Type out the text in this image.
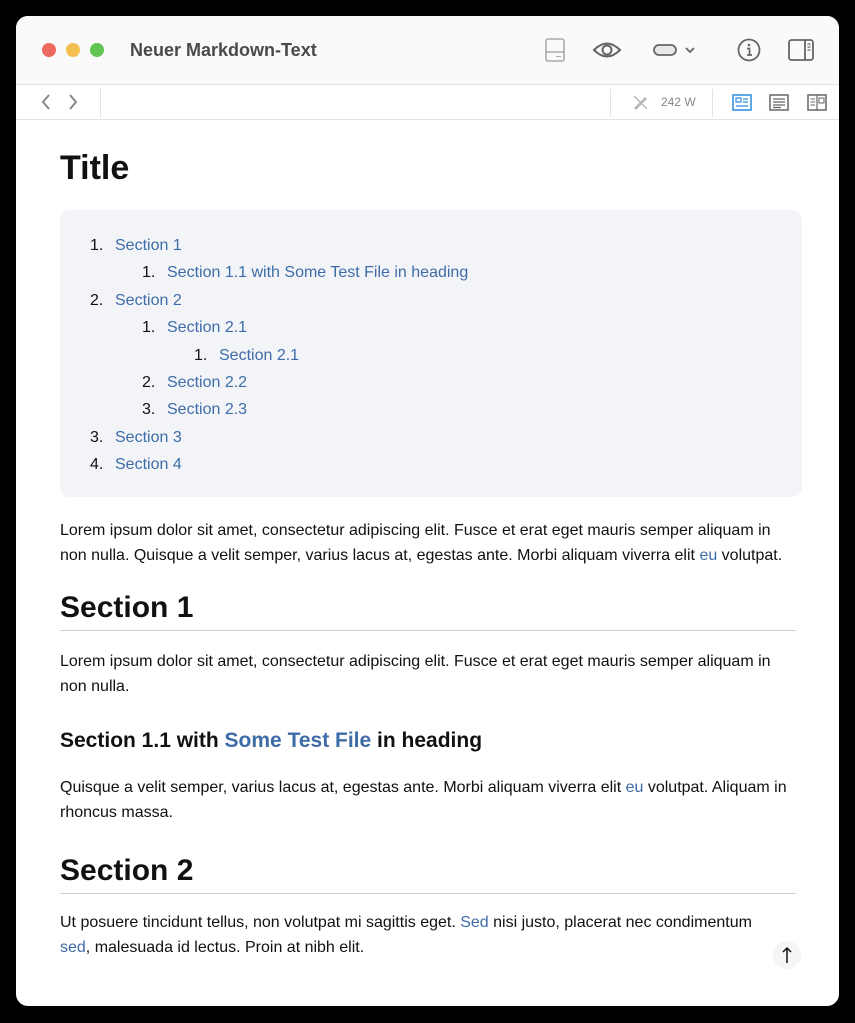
Neuer Markdown-Text
242 W
Title
1. Section 1
1. Section 1.1 with Some Test File in heading
2. Section 2
1. Section 2.1
1. Section 2.1
2. Section 2.2
3. Section 2.3
3. Section 3
4. Section 4

Lorem ipsum dolor sit amet, consectetur adipiscing elit. Fusce et erat eget mauris semper aliquam in non nulla. Quisque a velit semper, varius lacus at, egestas ante. Morbi aliquam viverra elit eu volutpat.

Section 1

Lorem ipsum dolor sit amet, consectetur adipiscing elit. Fusce et erat eget mauris semper aliquam in non nulla.

Section 1.1 with Some Test File in heading

Quisque a velit semper, varius lacus at, egestas ante. Morbi aliquam viverra elit eu volutpat. Aliquam in rhoncus massa.

Section 2

Ut posuere tincidunt tellus, non volutpat mi sagittis eget. Sed nisi justo, placerat nec condimentum sed, malesuada id lectus. Proin at nibh elit.
